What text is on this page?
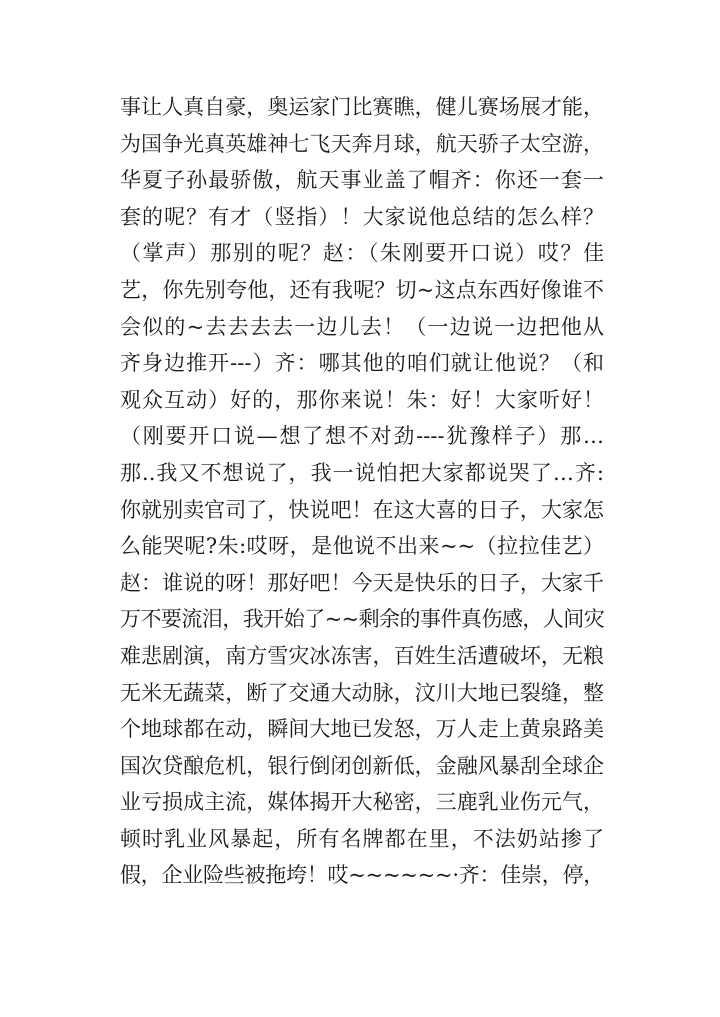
事让人真自豪，奥运家门比赛瞧，健儿赛场展才能，
为国争光真英雄神七飞天奔月球，航天骄子太空游，
华夏子孙最骄傲，航天事业盖了帽齐：你还一套一
套的呢？有才（竖指）！大家说他总结的怎么样？
（掌声）那别的呢？赵：（朱刚要开口说）哎？佳
艺，你先别夸他，还有我呢？切~这点东西好像谁不
会似的~去去去去一边儿去！（一边说一边把他从
齐身边推开---）齐：哪其他的咱们就让他说？（和
观众互动）好的，那你来说！朱：好！大家听好！
（刚要开口说—想了想不对劲----犹豫样子）那…
那..我又不想说了，我一说怕把大家都说哭了…齐:
你就别卖官司了，快说吧！在这大喜的日子，大家怎
么能哭呢?朱:哎呀，是他说不出来~~（拉拉佳艺）
赵：谁说的呀！那好吧！今天是快乐的日子，大家千
万不要流泪，我开始了~~剩余的事件真伤感，人间灾
难悲剧演，南方雪灾冰冻害，百姓生活遭破坏，无粮
无米无蔬菜，断了交通大动脉，汶川大地已裂缝，整
个地球都在动，瞬间大地已发怒，万人走上黄泉路美
国次贷酿危机，银行倒闭创新低，金融风暴刮全球企
业亏损成主流，媒体揭开大秘密，三鹿乳业伤元气，
顿时乳业风暴起，所有名牌都在里，不法奶站掺了
假，企业险些被拖垮！哎~~~~~~·齐：佳崇，停，
